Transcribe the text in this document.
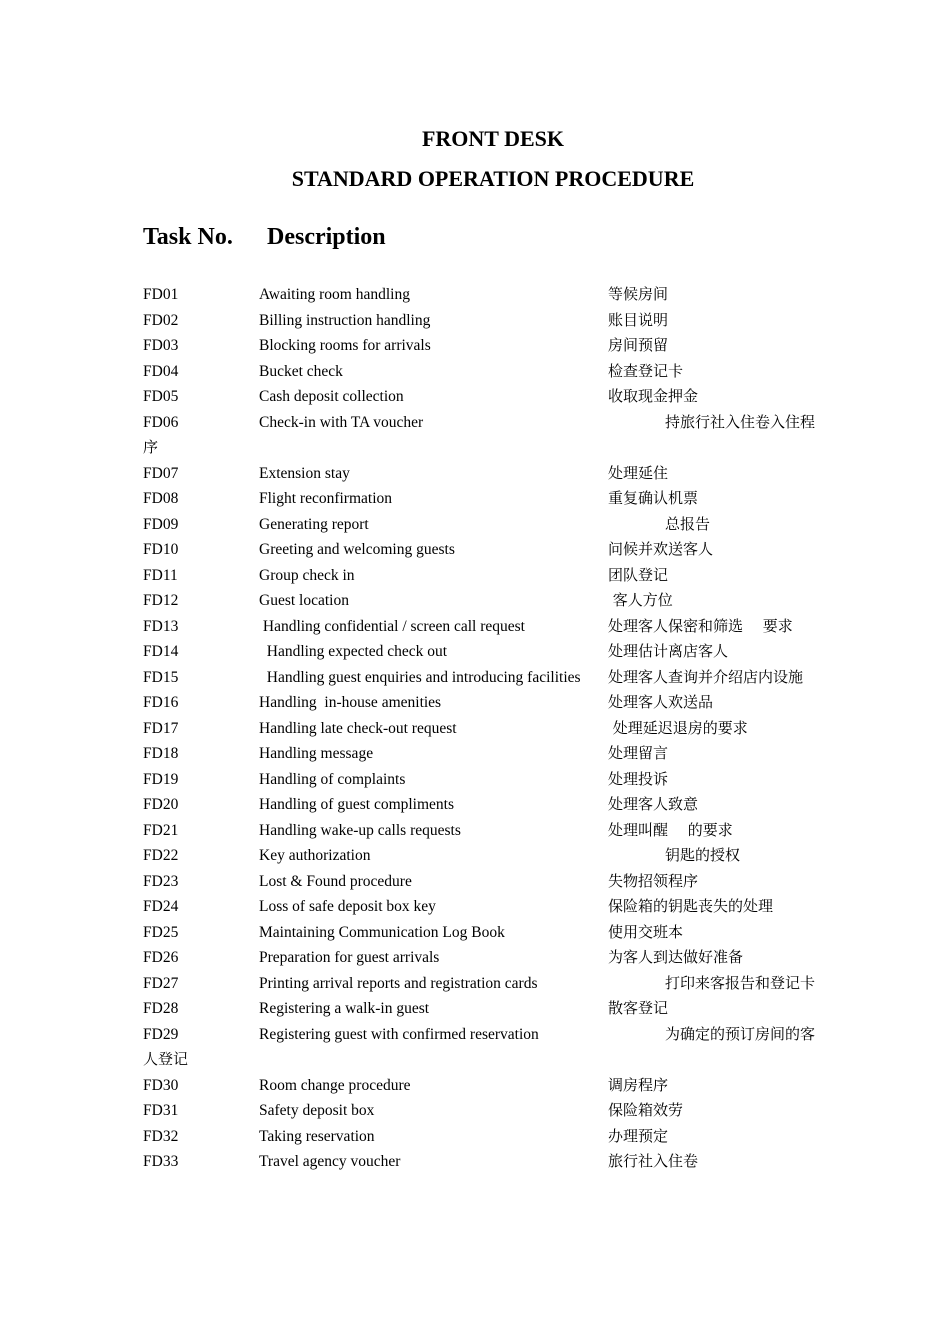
FRONT DESK
STANDARD OPERATION PROCEDURE
Task No. Description
FD01	Awaiting room handling	等候房间
FD02	Billing instruction handling	账目说明
FD03	Blocking rooms for arrivals	房间预留
FD04	Bucket check	检查登记卡
FD05	Cash deposit collection	收取现金押金
FD06	Check-in with TA voucher	持旅行社入住卷入住程
序
FD07	Extension stay	处理延住
FD08	Flight reconfirmation	重复确认机票
FD09	Generating report	总报告
FD10	Greeting and welcoming guests	问候并欢送客人
FD11	Group check in	团队登记
FD12	Guest location	客人方位
FD13	Handling confidential / screen call request	处理客人保密和筛选　 要求
FD14	Handling expected check out	处理估计离店客人
FD15	Handling guest enquiries and introducing facilities 处理客人查询并介绍店内设施
FD16	Handling  in-house amenities	处理客人欢送品
FD17	Handling late check-out request	处理延迟退房的要求
FD18	Handling message	处理留言
FD19	Handling of complaints	处理投诉
FD20	Handling of guest compliments	处理客人致意
FD21	Handling wake-up calls requests	处理叫醒　 的要求
FD22	Key authorization	钥匙的授权
FD23	Lost & Found procedure	失物招领程序
FD24	Loss of safe deposit box key	保险箱的钥匙丧失的处理
FD25	Maintaining Communication Log Book	使用交班本
FD26	Preparation for guest arrivals	为客人到达做好准备
FD27	Printing arrival reports and registration cards	打印来客报告和登记卡
FD28	Registering a walk-in guest	散客登记
FD29	Registering guest with confirmed reservation	为确定的预订房间的客
人登记
FD30	Room change procedure	调房程序
FD31	Safety deposit box	保险箱效劳
FD32	Taking reservation	办理预定
FD33	Travel agency voucher	旅行社入住卷
